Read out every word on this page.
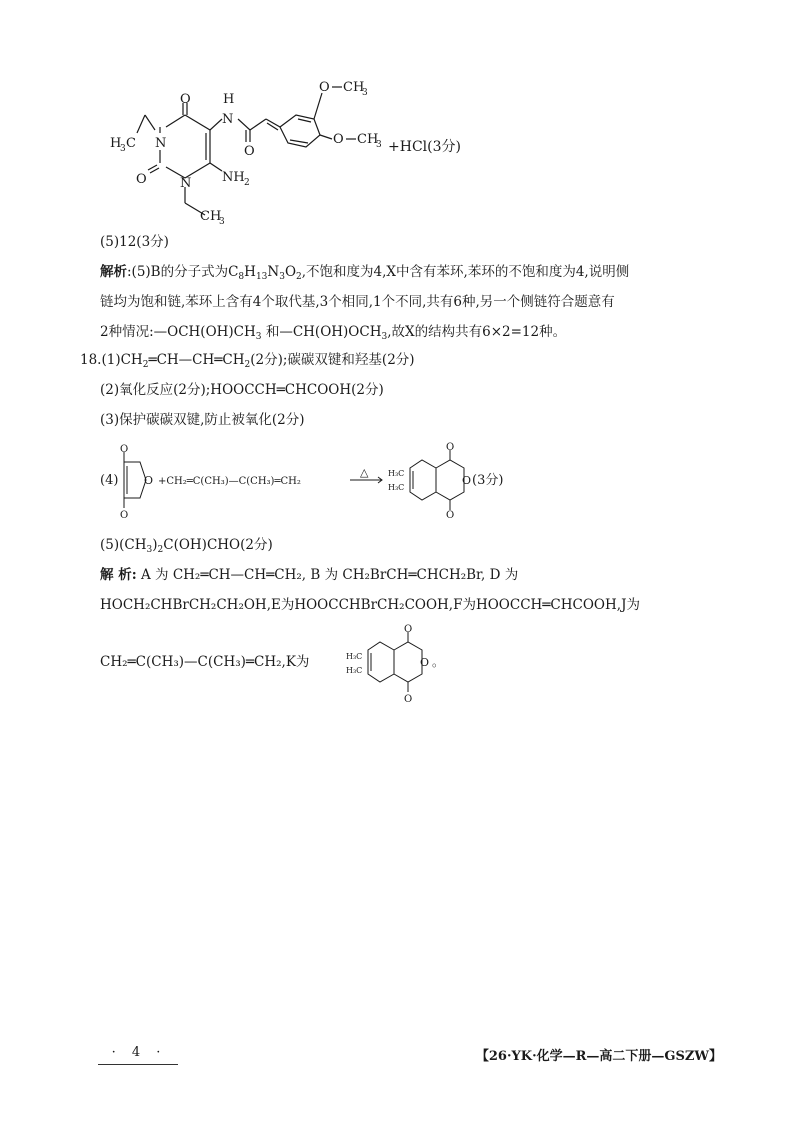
O H
N
H
3 C N
O	N NH 2
O
O CH
3
O CH
3
CH
3
+HCl(3分)
(5)12(3分)
解析:(5)B的分子式为$C_8H_{13}N_3O_2$,不饱和度为4,X中含有苯环,苯环的不饱和度为4,说明侧
链均为饱和链,苯环上含有4个取代基,3个相同,1个不同,共有6种,另一个侧链符合题意有
2种情况$:—OCH(OH)CH_3$ 和$—CH(OH)OCH_3$,故X的结构共有6×2=12种。
$18.(1)CH_2═CH—CH═CH_2(2$分);碳碳双键和羟基(2分)
(2)氧化反应(2分);HOOCCH═CHCOOH(2分)
(3)保护碳碳双键,防止被氧化(2分)
(4)
O
O
O
+CH₂═C(CH₃)—C(CH₃)═CH₂
△ H₃C
H₃C
O
O
O
(3分)
$(5)(CH_3)_2C(OH)CHO(2$分)
解 析: A 为 CH₂═CH—CH═CH₂, B 为 CH₂BrCH═CHCH₂Br, D 为
HOCH₂CHBrCH₂CH₂OH,E为HOOCCHBrCH₂COOH,F为HOOCCH═CHCOOH,J为
CH₂═C(CH₃)—C(CH₃)═CH₂,K为	H₃C
H₃C
O
O
O
。
· 4 ·	【26·YK·化学—R—高二下册—GSZW】
